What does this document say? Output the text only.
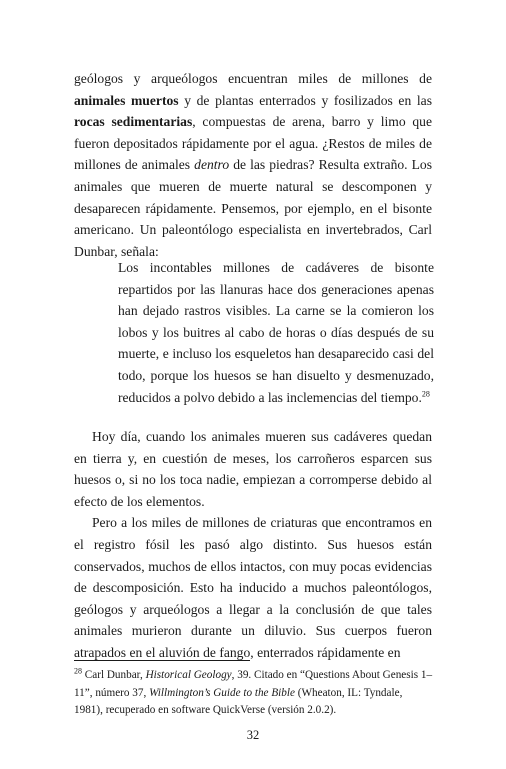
geólogos y arqueólogos encuentran miles de millones de animales muertos y de plantas enterrados y fosilizados en las rocas sedimentarias, compuestas de arena, barro y limo que fueron depositados rápidamente por el agua. ¿Restos de miles de millones de animales dentro de las piedras? Resulta extraño. Los animales que mueren de muerte natural se descomponen y desaparecen rápidamente. Pensemos, por ejemplo, en el bisonte americano. Un paleontólogo especialista en invertebrados, Carl Dunbar, señala:

Los incontables millones de cadáveres de bisonte repartidos por las llanuras hace dos generaciones apenas han dejado rastros visibles. La carne se la comieron los lobos y los buitres al cabo de horas o días después de su muerte, e incluso los esqueletos han desaparecido casi del todo, porque los huesos se han disuelto y desmenuzado, reducidos a polvo debido a las inclemencias del tiempo.$^{28}$

Hoy día, cuando los animales mueren sus cadáveres quedan en tierra y, en cuestión de meses, los carroñeros esparcen sus huesos o, si no los toca nadie, empiezan a corromperse debido al efecto de los elementos.

Pero a los miles de millones de criaturas que encontramos en el registro fósil les pasó algo distinto. Sus huesos están conservados, muchos de ellos intactos, con muy pocas evidencias de descomposición. Esto ha inducido a muchos paleontólogos, geólogos y arqueólogos a llegar a la conclusión de que tales animales murieron durante un diluvio. Sus cuerpos fueron atrapados en el aluvión de fango, enterrados rápidamente en

$^{28}$ Carl Dunbar, Historical Geology, 39. Citado en “Questions About Genesis 1–11”, número 37, Willmington’s Guide to the Bible (Wheaton, IL: Tyndale, 1981), recuperado en software QuickVerse (versión 2.0.2).

32
